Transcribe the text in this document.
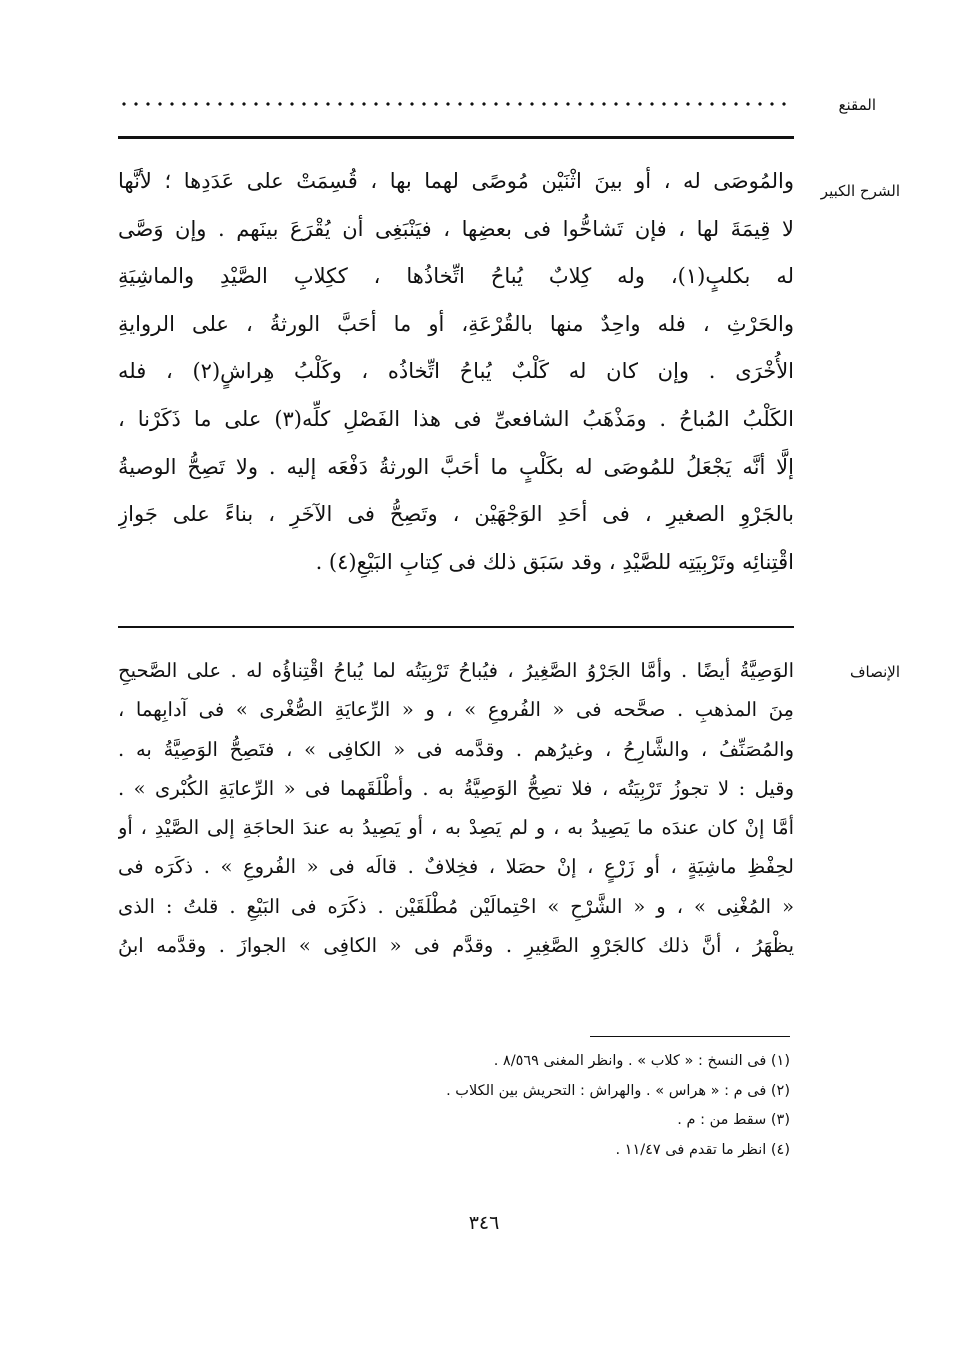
المقنع
الشرح الكبير
والمُوصَى له ، أو بينَ اثْنَيْن مُوصًى لهما بها ، قُسِمَتْ على عَدَدِها ؛ لأنَّها
لا قِيمَةَ لها ، فإن تَشاحُّوا فى بعضِها ، فيَنْبَغِى أن يُقْرَعَ بينَهم . وإن وَصَّى
له بكلبٍ(١)، وله كِلابٌ يُباحُ اتِّخاذُها ، ككِلابِ الصَّيْدِ والماشِيَةِ
والحَرْثِ ، فله واحِدٌ منها بالقُرْعَةِ، أو ما أحَبَّ الورثةُ ، على الروايةِ
الأُخْرَى . وإن كان له كَلْبٌ يُباحُ اتِّخاذُه ، وكَلْبُ هِراشٍ(٢) ، فله
الكَلْبُ المُباحُ . ومَذْهَبُ الشافعىِّ فى هذا الفَصْلِ كلِّه(٣) على ما ذَكَرْنا ،
إلَّا أنَّه يَجْعَلُ للمُوصَى له بكَلْبٍ ما أحَبَّ الورثةُ دَفْعَه إليه . ولا تَصِحُّ الوصيةُ
بالجَرْوِ الصغيرِ ، فى أحَدِ الوَجْهَيْن ، وتَصِحُّ فى الآخَرِ ، بناءً على جَوازِ
اقْتِنائِه وتَرْبِيَتِه للصَّيْدِ ، وقد سَبَق ذلك فى كِتابِ البَيْعِ(٤) .
الإنصاف
الوَصِيَّةُ أيضًا . وأمَّا الجَرْوُ الصَّغِيرُ ، فيُباحُ تَرْبِيَتُه لما يُباحُ اقْتِناؤُه له . على الصَّحيحِ
مِنَ المذهبِ . صحَّحه فى « الفُروعِ » ، و « الرِّعايَةِ الصُّغْرى » فى آدابِهما ،
والمُصَنِّفُ ، والشَّارِحُ ، وغيرُهم . وقدَّمه فى « الكافِى » ، فتَصِحُّ الوَصِيَّةُ به .
وقيل : لا تجوزُ تَرْبِيَتُه ، فلا تصِحُّ الوَصِيَّةُ به . وأطْلَقَهما فى « الرِّعايَةِ الكُبْرى » .
أمَّا إنْ كان عندَه ما يَصِيدُ به ، و لم يَصِدْ به ، أو يَصِيدُ به عندَ الحاجَةِ إلى الصَّيْدِ ، أو
لحِفْظِ ماشِيَةٍ ، أو زَرْعٍ ، إنْ حصَلا ، فخِلافٌ . قالَه فى « الفُروعِ » . ذكَرَه فى
« المُغْنِى » ، و « الشَّرْحِ » احْتِمالَيْن مُطْلَقَيْن . ذكَرَه فى البَيْعِ . قلتُ : الذى
يظْهَرُ ، أنَّ ذلك كالجَرْوِ الصَّغِيرِ . وقدَّم فى « الكافِى » الجوازَ . وقدَّمه ابنُ
(١) فى النسخ : « كلاب » . وانظر المغنى ٨/٥٦٩ .
(٢) فى م : « هراس » . والهراش : التحريش بين الكلاب .
(٣) سقط من : م .
(٤) انظر ما تقدم فى ١١/٤٧ .
٣٤٦
